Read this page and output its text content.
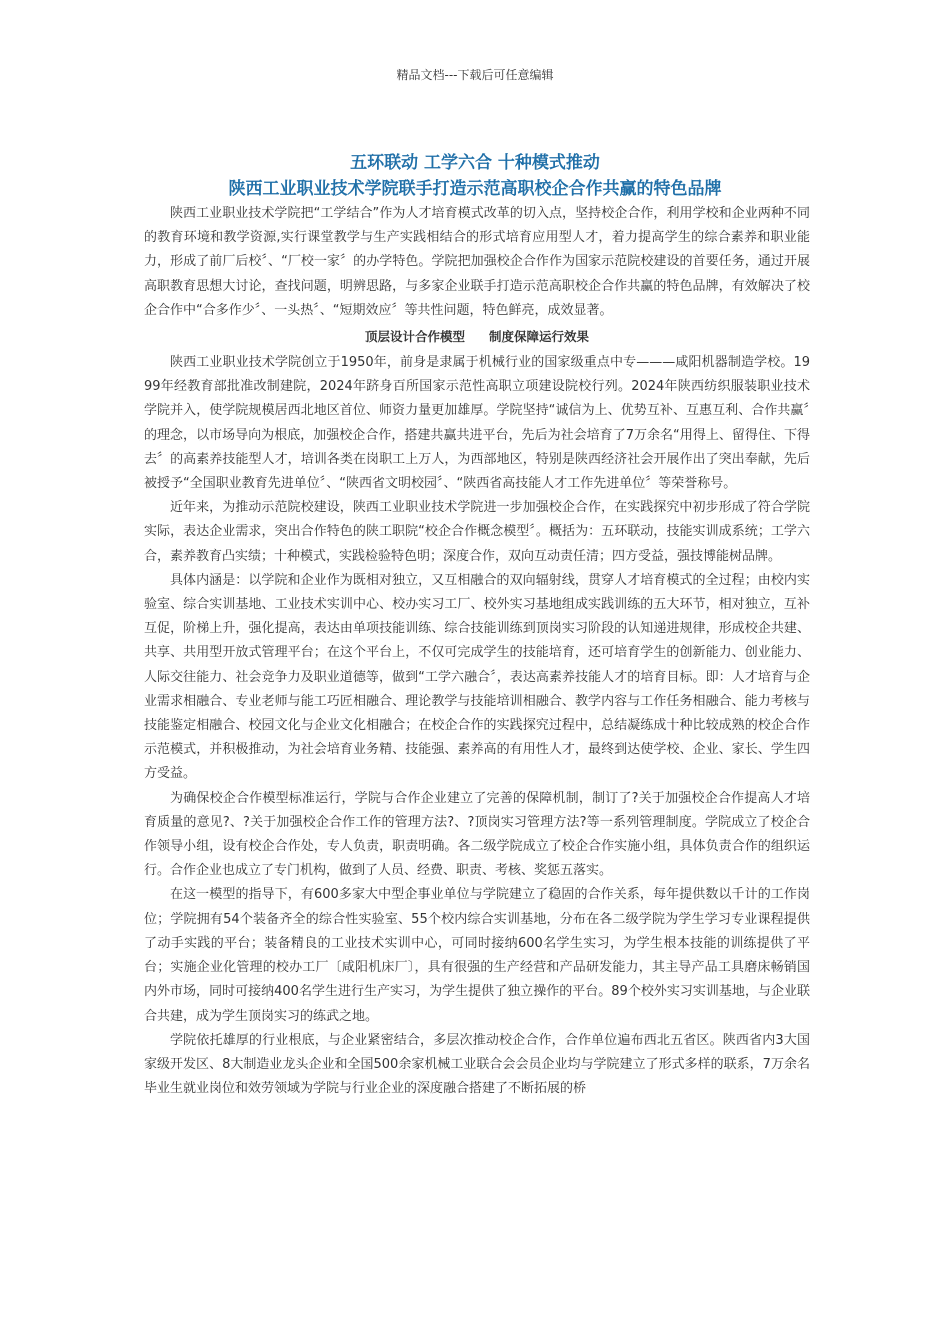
精品文档---下载后可任意编辑
五环联动 工学六合 十种模式推动
陕西工业职业技术学院联手打造示范高职校企合作共赢的特色品牌

陕西工业职业技术学院把“工学结合”作为人才培育模式改革的切入点，坚持校企合作，利用学校和企业两种不同的教育环境和教学资源,实行课堂教学与生产实践相结合的形式培育应用型人才，着力提高学生的综合素养和职业能力，形成了前厂后校〞、“厂校一家〞的办学特色。学院把加强校企合作作为国家示范院校建设的首要任务，通过开展高职教育思想大讨论，查找问题，明辨思路，与多家企业联手打造示范高职校企合作共赢的特色品牌，有效解决了校企合作中“合多作少〞、一头热〞、“短期效应〞等共性问题，特色鲜亮，成效显著。

顶层设计合作模型 制度保障运行效果

陕西工业职业技术学院创立于1950年，前身是隶属于机械行业的国家级重点中专———咸阳机器制造学校。1999年经教育部批准改制建院，2024年跻身百所国家示范性高职立项建设院校行列。2024年陕西纺织服装职业技术学院并入，使学院规模居西北地区首位、师资力量更加雄厚。学院坚持“诚信为上、优势互补、互惠互利、合作共赢〞的理念，以市场导向为根底，加强校企合作，搭建共赢共进平台，先后为社会培育了7万余名“用得上、留得住、下得去〞的高素养技能型人才，培训各类在岗职工上万人，为西部地区，特别是陕西经济社会开展作出了突出奉献，先后被授予“全国职业教育先进单位〞、“陕西省文明校园〞、“陕西省高技能人才工作先进单位〞等荣誉称号。

近年来，为推动示范院校建设，陕西工业职业技术学院进一步加强校企合作，在实践探究中初步形成了符合学院实际，表达企业需求，突出合作特色的陕工职院“校企合作概念模型〞。概括为：五环联动，技能实训成系统；工学六合，素养教育凸实绩；十种模式，实践检验特色明；深度合作，双向互动责任清；四方受益，强技博能树品牌。

具体内涵是：以学院和企业作为既相对独立，又互相融合的双向辐射线，贯穿人才培育模式的全过程；由校内实验室、综合实训基地、工业技术实训中心、校办实习工厂、校外实习基地组成实践训练的五大环节，相对独立，互补互促，阶梯上升，强化提高，表达由单项技能训练、综合技能训练到顶岗实习阶段的认知递进规律，形成校企共建、共享、共用型开放式管理平台；在这个平台上，不仅可完成学生的技能培育，还可培育学生的创新能力、创业能力、人际交往能力、社会竞争力及职业道德等，做到“工学六融合〞，表达高素养技能人才的培育目标。即：人才培育与企业需求相融合、专业老师与能工巧匠相融合、理论教学与技能培训相融合、教学内容与工作任务相融合、能力考核与技能鉴定相融合、校园文化与企业文化相融合；在校企合作的实践探究过程中，总结凝练成十种比较成熟的校企合作示范模式，并积极推动，为社会培育业务精、技能强、素养高的有用性人才，最终到达使学校、企业、家长、学生四方受益。

为确保校企合作模型标准运行，学院与合作企业建立了完善的保障机制，制订了?关于加强校企合作提高人才培育质量的意见?、?关于加强校企合作工作的管理方法?、?顶岗实习管理方法?等一系列管理制度。学院成立了校企合作领导小组，设有校企合作处，专人负责，职责明确。各二级学院成立了校企合作实施小组，具体负责合作的组织运行。合作企业也成立了专门机构，做到了人员、经费、职责、考核、奖惩五落实。

在这一模型的指导下，有600多家大中型企事业单位与学院建立了稳固的合作关系，每年提供数以千计的工作岗位；学院拥有54个装备齐全的综合性实验室、55个校内综合实训基地，分布在各二级学院为学生学习专业课程提供了动手实践的平台；装备精良的工业技术实训中心，可同时接纳600名学生实习，为学生根本技能的训练提供了平台；实施企业化管理的校办工厂〔咸阳机床厂〕，具有很强的生产经营和产品研发能力，其主导产品工具磨床畅销国内外市场，同时可接纳400名学生进行生产实习，为学生提供了独立操作的平台。89个校外实习实训基地，与企业联合共建，成为学生顶岗实习的练武之地。

学院依托雄厚的行业根底，与企业紧密结合，多层次推动校企合作，合作单位遍布西北五省区。陕西省内3大国家级开发区、8大制造业龙头企业和全国500余家机械工业联合会会员企业均与学院建立了形式多样的联系，7万余名毕业生就业岗位和效劳领域为学院与行业企业的深度融合搭建了不断拓展的桥
